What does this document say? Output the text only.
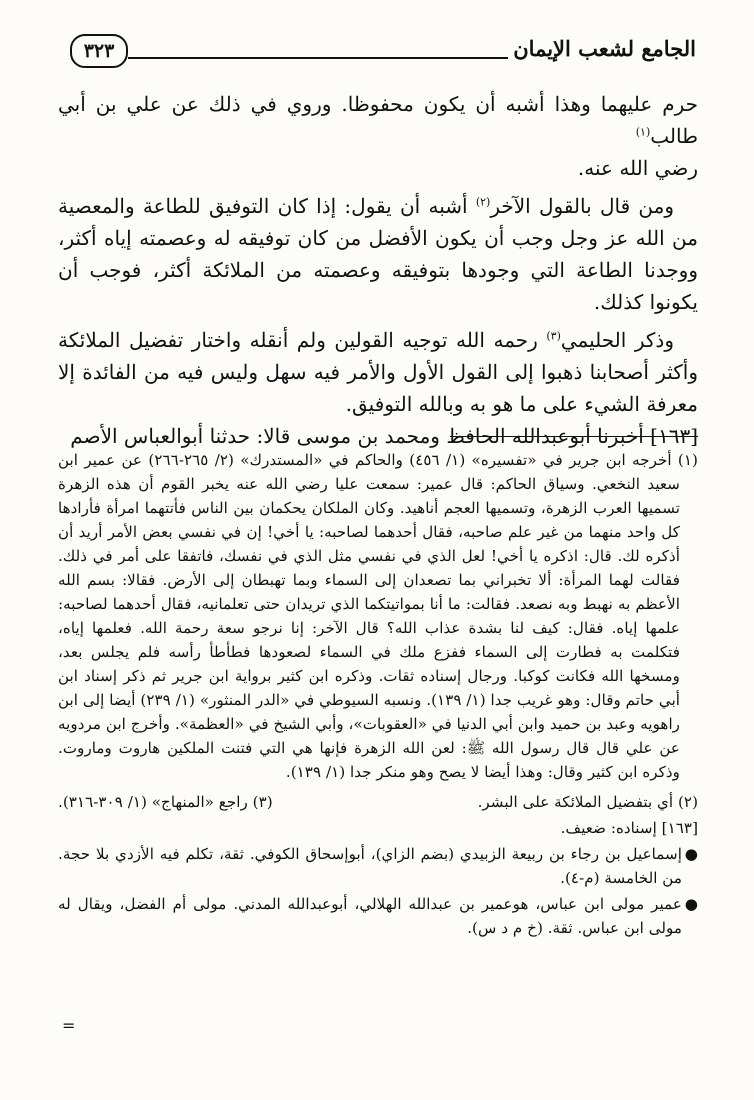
الجامع لشعب الإيمان
٣٢٣

حرم عليهما وهذا أشبه أن يكون محفوظا. وروي في ذلك عن علي بن أبي طالب$^{(١)}$

رضي الله عنه.

ومن قال بالقول الآخر$^{(٢)}$ أشبه أن يقول: إذا كان التوفيق للطاعة والمعصية من الله عز وجل وجب أن يكون الأفضل من كان توفيقه له وعصمته إياه أكثر، ووجدنا الطاعة التي وجودها بتوفيقه وعصمته من الملائكة أكثر، فوجب أن يكونوا كذلك.

وذكر الحليمي$^{(٣)}$ رحمه الله توجيه القولين ولم أنقله واختار تفضيل الملائكة وأكثر أصحابنا ذهبوا إلى القول الأول والأمر فيه سهل وليس فيه من الفائدة إلا معرفة الشيء على ما هو به وبالله التوفيق.

[١٦٣] أخبرنا أبوعبدالله الحافظ ومحمد بن موسى قالا: حدثنا أبوالعباس الأصم

(١) أخرجه ابن جرير في «تفسيره» (١/ ٤٥٦) والحاكم في «المستدرك» (٢/ ٢٦٥-٢٦٦) عن عمير ابن سعيد النخعي. وسياق الحاكم: قال عمير: سمعت عليا رضي الله عنه يخبر القوم أن هذه الزهرة تسميها العرب الزهرة، وتسميها العجم أناهيد. وكان الملكان يحكمان بين الناس فأتتهما امرأة فأرادها كل واحد منهما من غير علم صاحبه، فقال أحدهما لصاحبه: يا أخي! إن في نفسي بعض الأمر أريد أن أذكره لك. قال: اذكره يا أخي! لعل الذي في نفسي مثل الذي في نفسك، فاتفقا على أمر في ذلك. فقالت لهما المرأة: ألا تخبراني بما تصعدان إلى السماء وبما تهبطان إلى الأرض. فقالا: بسم الله الأعظم به نهبط وبه نصعد. فقالت: ما أنا بمواتيتكما الذي تريدان حتى تعلمانيه، فقال أحدهما لصاحبه: علمها إياه. فقال: كيف لنا بشدة عذاب الله؟ قال الآخر: إنا نرجو سعة رحمة الله. فعلمها إياه، فتكلمت به فطارت إلى السماء ففزع ملك في السماء لصعودها فطأطأ رأسه فلم يجلس بعد، ومسخها الله فكانت كوكبا. ورجال إسناده ثقات. وذكره ابن كثير برواية ابن جرير ثم ذكر إسناد ابن أبي حاتم وقال: وهو غريب جدا (١/ ١٣٩). ونسبه السيوطي في «الدر المنثور» (١/ ٢٣٩) أيضا إلى ابن راهويه وعبد بن حميد وابن أبي الدنيا في «العقوبات»، وأبي الشيخ في «العظمة». وأخرج ابن مردويه عن علي قال قال رسول الله ﷺ: لعن الله الزهرة فإنها هي التي فتنت الملكين هاروت وماروت. وذكره ابن كثير وقال: وهذا أيضا لا يصح وهو منكر جدا (١/ ١٣٩).

(٢) أي بتفضيل الملائكة على البشر.

(٣) راجع «المنهاج» (١/ ٣٠٩-٣١٦).

[١٦٣] إسناده: ضعيف.

●
إسماعيل بن رجاء بن ربيعة الزبيدي (بضم الزاي)، أبوإسحاق الكوفي. ثقة، تكلم فيه الأزدي بلا حجة. من الخامسة (م-٤).
●
عمير مولى ابن عباس، هوعمير بن عبدالله الهلالي، أبوعبدالله المدني. مولى أم الفضل، ويقال له مولى ابن عباس. ثقة. (خ م د س).
=
